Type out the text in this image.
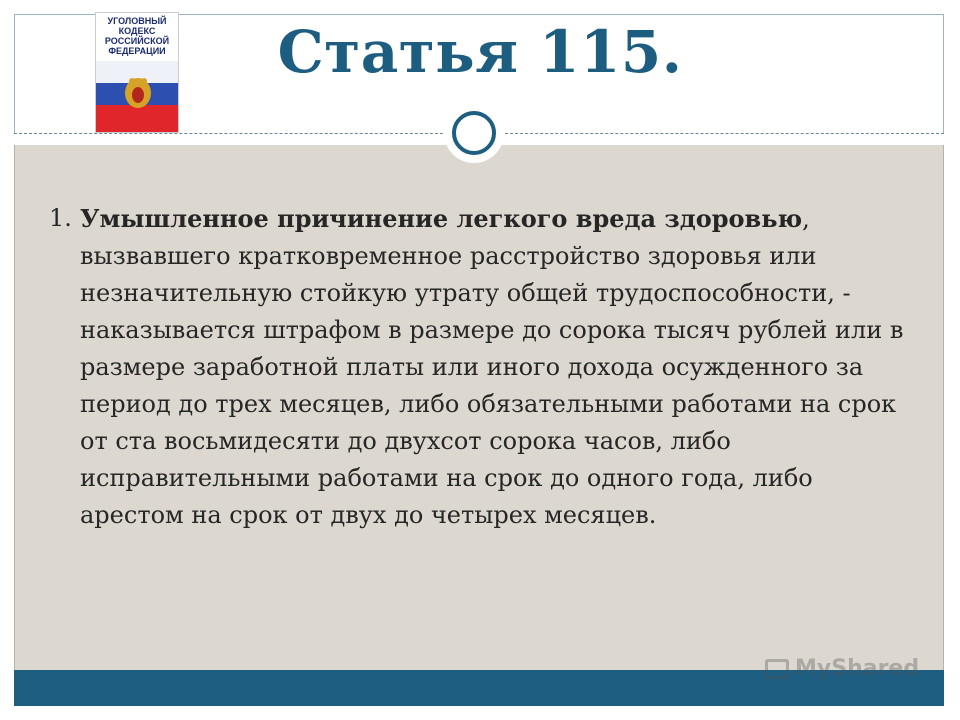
Статья 115.
УГОЛОВНЫЙ
КОДЕКС
РОССИЙСКОЙ
ФЕДЕРАЦИИ
1. Умышленное причинение легкого вреда здоровью, вызвавшего кратковременное расстройство здоровья или незначительную стойкую утрату общей трудоспособности, - наказывается штрафом в размере до сорока тысяч рублей или в размере заработной платы или иного дохода осужденного за период до трех месяцев, либо обязательными работами на срок от ста восьмидесяти до двухсот сорока часов, либо исправительными работами на срок до одного года, либо арестом на срок от двух до четырех месяцев.
MyShared
